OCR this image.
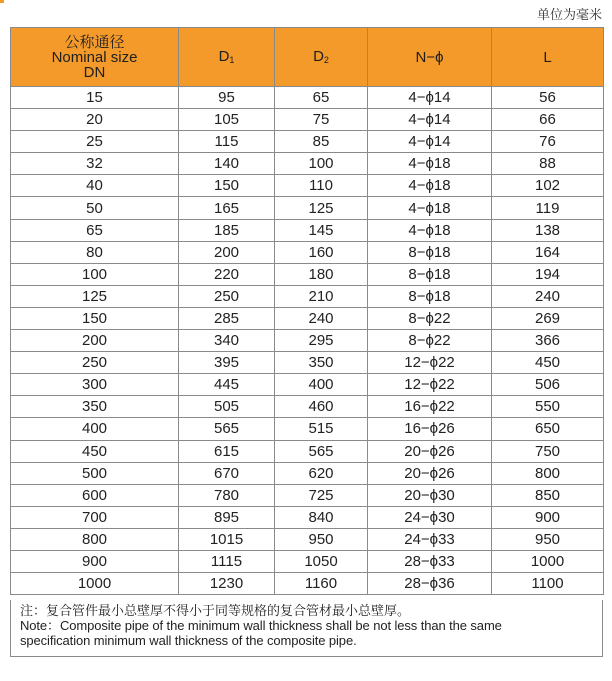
单位为毫米
公称通径
Nominal size
DN	$D_1$	$D_2$	N−ϕ	L
15	95	65	4−ϕ14	56
20	105	75	4−ϕ14	66
25	115	85	4−ϕ14	76
32	140	100	4−ϕ18	88
40	150	110	4−ϕ18	102
50	165	125	4−ϕ18	119
65	185	145	4−ϕ18	138
80	200	160	8−ϕ18	164
100	220	180	8−ϕ18	194
125	250	210	8−ϕ18	240
150	285	240	8−ϕ22	269
200	340	295	8−ϕ22	366
250	395	350	12−ϕ22	450
300	445	400	12−ϕ22	506
350	505	460	16−ϕ22	550
400	565	515	16−ϕ26	650
450	615	565	20−ϕ26	750
500	670	620	20−ϕ26	800
600	780	725	20−ϕ30	850
700	895	840	24−ϕ30	900
800	1015	950	24−ϕ33	950
900	1115	1050	28−ϕ33	1000
1000	1230	1160	28−ϕ36	1100
注：复合管件最小总壁厚不得小于同等规格的复合管材最小总壁厚。
Note：Composite pipe of the minimum wall thickness shall be not less than the same
specification minimum wall thickness of the composite pipe.
